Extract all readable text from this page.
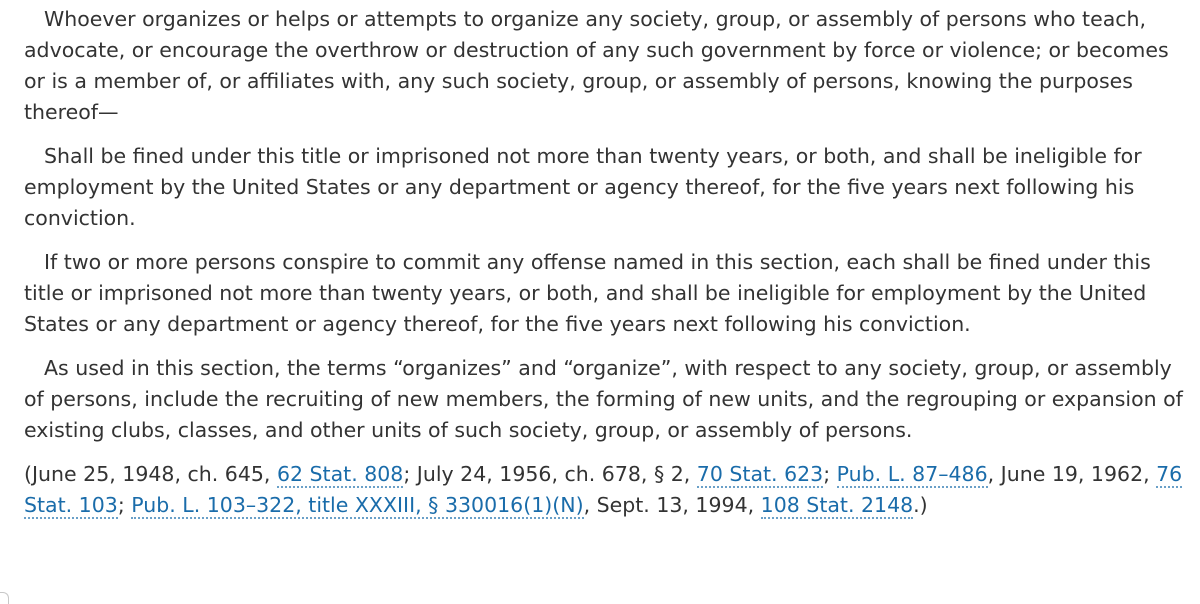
Whoever organizes or helps or attempts to organize any society, group, or assembly of persons who teach, advocate, or encourage the overthrow or destruction of any such government by force or violence; or becomes or is a member of, or affiliates with, any such society, group, or assembly of persons, knowing the purposes thereof—

Shall be fined under this title or imprisoned not more than twenty years, or both, and shall be ineligible for employment by the United States or any department or agency thereof, for the five years next following his conviction.

If two or more persons conspire to commit any offense named in this section, each shall be fined under this title or imprisoned not more than twenty years, or both, and shall be ineligible for employment by the United States or any department or agency thereof, for the five years next following his conviction.

As used in this section, the terms “organizes” and “organize”, with respect to any society, group, or assembly of persons, include the recruiting of new members, the forming of new units, and the regrouping or expansion of existing clubs, classes, and other units of such society, group, or assembly of persons.

(June 25, 1948, ch. 645, 62 Stat. 808; July 24, 1956, ch. 678, § 2, 70 Stat. 623; Pub. L. 87–486, June 19, 1962, 76 Stat. 103; Pub. L. 103–322, title XXXIII, § 330016(1)(N), Sept. 13, 1994, 108 Stat. 2148.)
